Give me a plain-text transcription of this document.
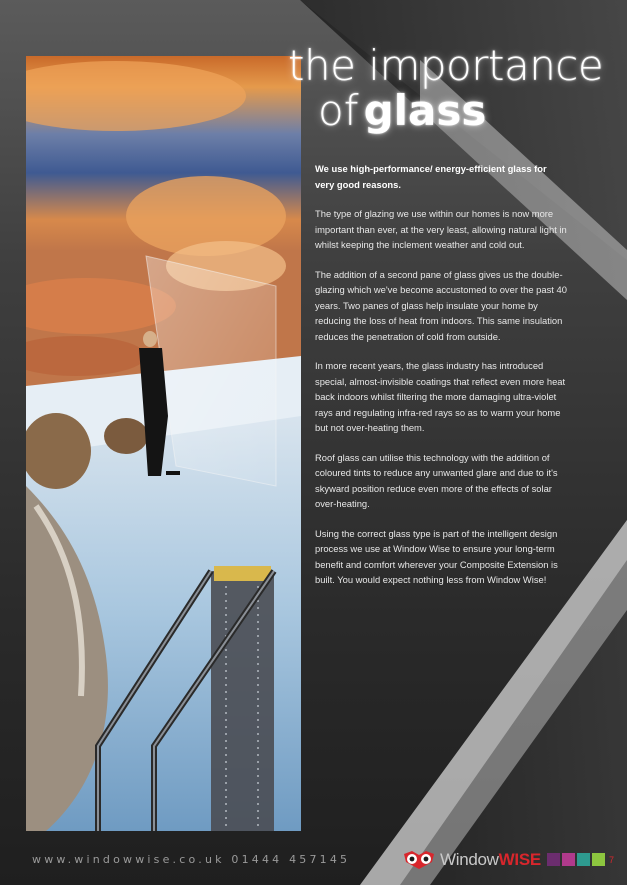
the importance
of glass

We use high-performance/ energy-efficient glass for very good reasons.

The type of glazing we use within our homes is now more important than ever, at the very least, allowing natural light in whilst keeping the inclement weather and cold out.

The addition of a second pane of glass gives us the double-glazing which we've become accustomed to over the past 40 years. Two panes of glass help insulate your home by reducing the loss of heat from indoors. This same insulation reduces the penetration of cold from outside.

In more recent years, the glass industry has introduced special, almost-invisible coatings that reflect even more heat back indoors whilst filtering the more damaging ultra-violet rays and regulating infra-red rays so as to warm your home but not over-heating them.

Roof glass can utilise this technology with the addition of coloured tints to reduce any unwanted glare and due to it's skyward position reduce even more of the effects of solar over-heating.

Using the correct glass type is part of the intelligent design process we use at Window Wise to ensure your long-term benefit and comfort wherever your Composite Extension is built. You would expect nothing less from Window Wise!

www.windowwise.co.uk 01444 457145	WindowWISE	7
